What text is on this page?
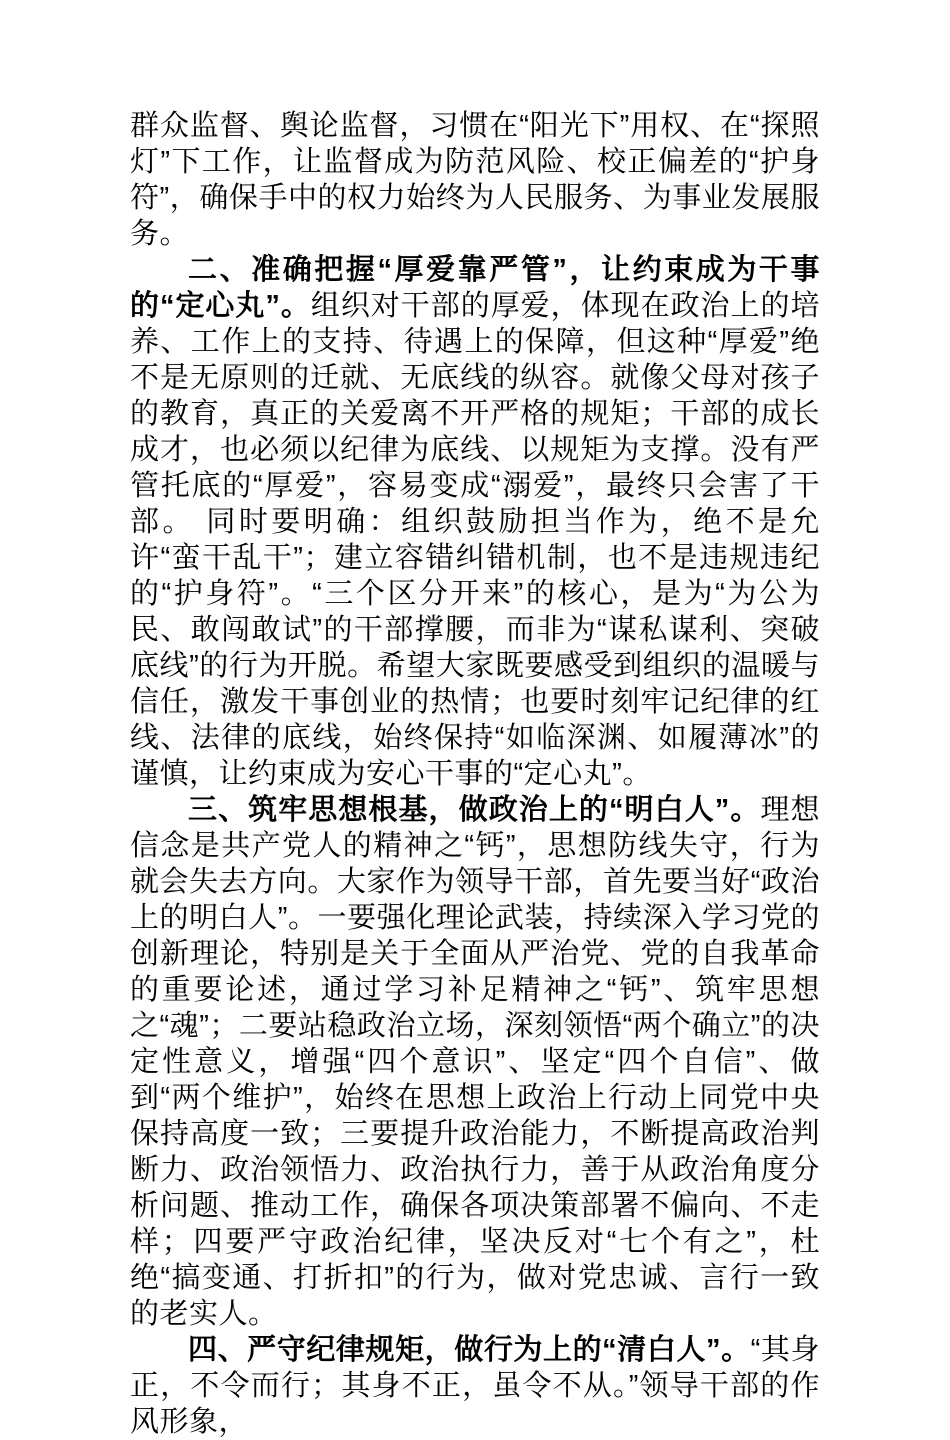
群众监督、舆论监督，习惯在“阳光下”用权、在“探照灯”下工作，让监督成为防范风险、校正偏差的“护身符”，确保手中的权力始终为人民服务、为事业发展服务。

二、准确把握“厚爱靠严管”，让约束成为干事的“定心丸”。组织对干部的厚爱，体现在政治上的培养、工作上的支持、待遇上的保障，但这种“厚爱”绝不是无原则的迁就、无底线的纵容。就像父母对孩子的教育，真正的关爱离不开严格的规矩；干部的成长成才，也必须以纪律为底线、以规矩为支撑。没有严管托底的“厚爱”，容易变成“溺爱”，最终只会害了干部。 同时要明确：组织鼓励担当作为，绝不是允许“蛮干乱干”；建立容错纠错机制，也不是违规违纪的“护身符”。“三个区分开来”的核心，是为“为公为民、敢闯敢试”的干部撑腰，而非为“谋私谋利、突破底线”的行为开脱。希望大家既要感受到组织的温暖与信任，激发干事创业的热情；也要时刻牢记纪律的红线、法律的底线，始终保持“如临深渊、如履薄冰”的谨慎，让约束成为安心干事的“定心丸”。

三、筑牢思想根基，做政治上的“明白人”。理想信念是共产党人的精神之“钙”，思想防线失守，行为就会失去方向。大家作为领导干部，首先要当好“政治上的明白人”。一要强化理论武装，持续深入学习党的创新理论，特别是关于全面从严治党、党的自我革命的重要论述，通过学习补足精神之“钙”、筑牢思想之“魂”；二要站稳政治立场，深刻领悟“两个确立”的决定性意义，增强“四个意识”、坚定“四个自信”、做到“两个维护”，始终在思想上政治上行动上同党中央保持高度一致；三要提升政治能力，不断提高政治判断力、政治领悟力、政治执行力，善于从政治角度分析问题、推动工作，确保各项决策部署不偏向、不走样；四要严守政治纪律，坚决反对“七个有之”，杜绝“搞变通、打折扣”的行为，做对党忠诚、言行一致的老实人。

四、严守纪律规矩，做行为上的“清白人”。“其身正，不令而行；其身不正，虽令不从。”领导干部的作风形象，
